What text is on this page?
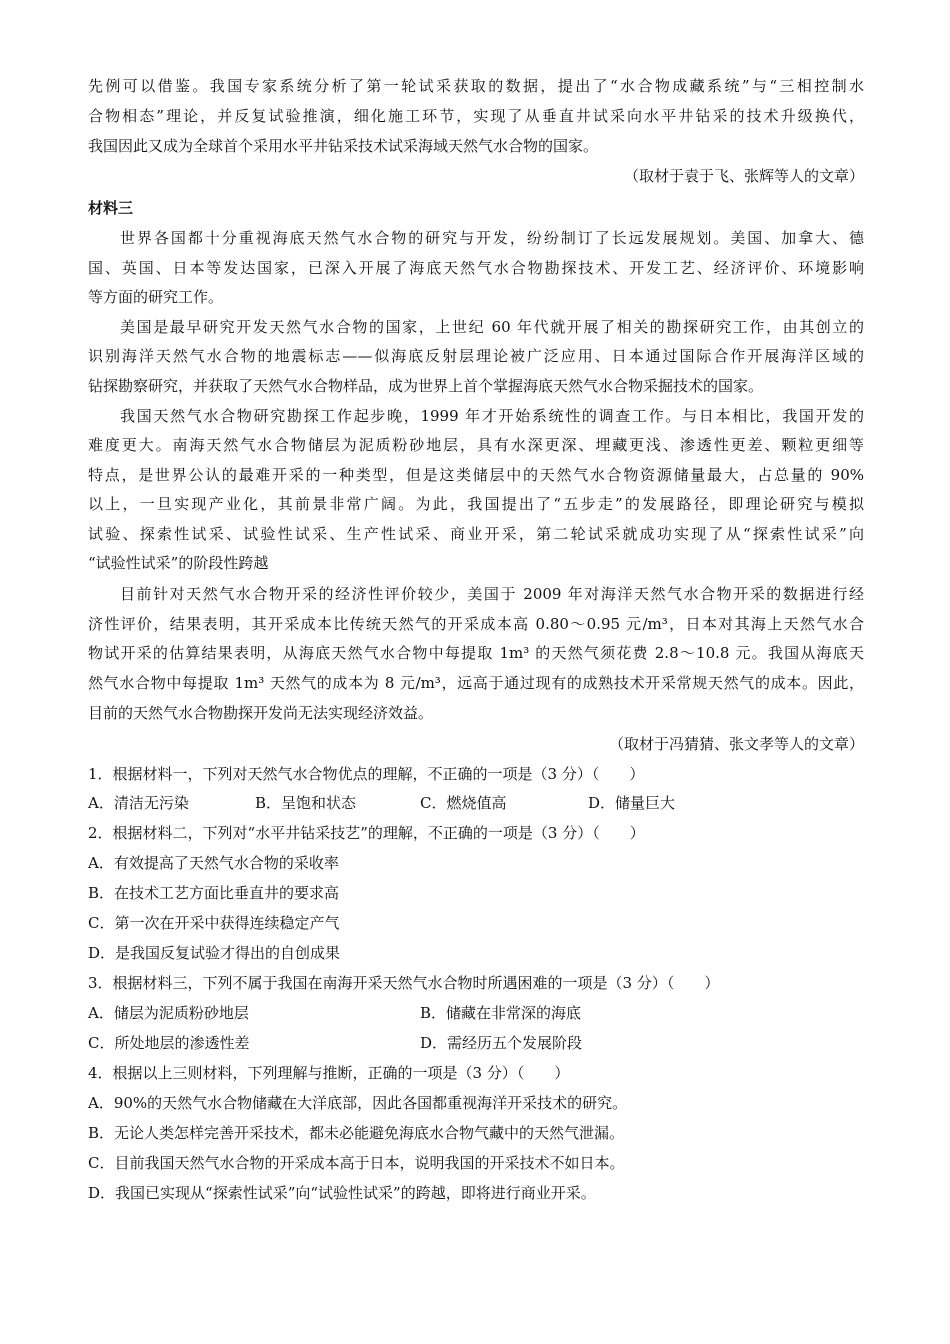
先例可以借鉴。我国专家系统分析了第一轮试采获取的数据，提出了“水合物成藏系统”与“三相控制水
合物相态”理论，并反复试验推演，细化施工环节，实现了从垂直井试采向水平井钻采的技术升级换代，
我国因此又成为全球首个采用水平井钻采技术试采海域天然气水合物的国家。
（取材于袁于飞、张辉等人的文章）
材料三
世界各国都十分重视海底天然气水合物的研究与开发，纷纷制订了长远发展规划。美国、加拿大、德
国、英国、日本等发达国家，已深入开展了海底天然气水合物勘探技术、开发工艺、经济评价、环境影响
等方面的研究工作。
美国是最早研究开发天然气水合物的国家，上世纪 60 年代就开展了相关的勘探研究工作，由其创立的
识别海洋天然气水合物的地震标志——似海底反射层理论被广泛应用、日本通过国际合作开展海洋区域的
钻探勘察研究，并获取了天然气水合物样品，成为世界上首个掌握海底天然气水合物采掘技术的国家。
我国天然气水合物研究勘探工作起步晚，1999 年才开始系统性的调查工作。与日本相比，我国开发的
难度更大。南海天然气水合物储层为泥质粉砂地层，具有水深更深、埋藏更浅、渗透性更差、颗粒更细等
特点，是世界公认的最难开采的一种类型，但是这类储层中的天然气水合物资源储量最大，占总量的 90%
以上，一旦实现产业化，其前景非常广阔。为此，我国提出了“五步走”的发展路径，即理论研究与模拟
试验、探索性试采、试验性试采、生产性试采、商业开采，第二轮试采就成功实现了从“探索性试采”向
“试验性试采”的阶段性跨越
目前针对天然气水合物开采的经济性评价较少，美国于 2009 年对海洋天然气水合物开采的数据进行经
济性评价，结果表明，其开采成本比传统天然气的开采成本高 0.80～0.95 元/m³，日本对其海上天然气水合
物试开采的估算结果表明，从海底天然气水合物中每提取 1m³ 的天然气须花费 2.8～10.8 元。我国从海底天
然气水合物中每提取 1m³ 天然气的成本为 8 元/m³，远高于通过现有的成熟技术开采常规天然气的成本。因此，
目前的天然气水合物勘探开发尚无法实现经济效益。
（取材于冯猜猜、张文孝等人的文章）
1．根据材料一，下列对天然气水合物优点的理解，不正确的一项是（3 分）（　　）
A．清洁无污染	B．呈饱和状态	C．燃烧值高	D．储量巨大
2．根据材料二，下列对“水平井钻采技艺”的理解，不正确的一项是（3 分）（　　）
A．有效提高了天然气水合物的采收率
B．在技术工艺方面比垂直井的要求高
C．第一次在开采中获得连续稳定产气
D．是我国反复试验才得出的自创成果
3．根据材料三，下列不属于我国在南海开采天然气水合物时所遇困难的一项是（3 分）（　　）
A．储层为泥质粉砂地层	B．储藏在非常深的海底
C．所处地层的渗透性差	D．需经历五个发展阶段
4．根据以上三则材料，下列理解与推断，正确的一项是（3 分）（　　）
A．90%的天然气水合物储藏在大洋底部，因此各国都重视海洋开采技术的研究。
B．无论人类怎样完善开采技术，都未必能避免海底水合物气藏中的天然气泄漏。
C．目前我国天然气水合物的开采成本高于日本，说明我国的开采技术不如日本。
D．我国已实现从“探索性试采”向“试验性试采”的跨越，即将进行商业开采。
